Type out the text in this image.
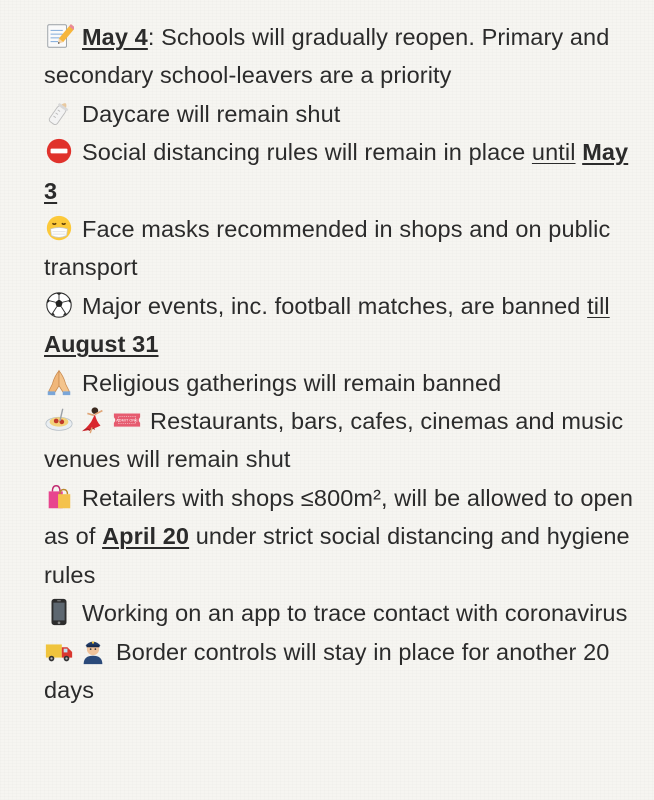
May 4: Schools will gradually reopen. Primary and secondary school-leavers are a priority
Daycare will remain shut
Social distancing rules will remain in place until May 3
Face masks recommended in shops and on public transport
Major events, inc. football matches, are banned till August 31
Religious gatherings will remain banned
ADMIT ONE Restaurants, bars, cafes, cinemas and music venues will remain shut
Retailers with shops ≤800m², will be allowed to open as of April 20 under strict social distancing and hygiene rules
Working on an app to trace contact with coronavirus
Border controls will stay in place for another 20 days
